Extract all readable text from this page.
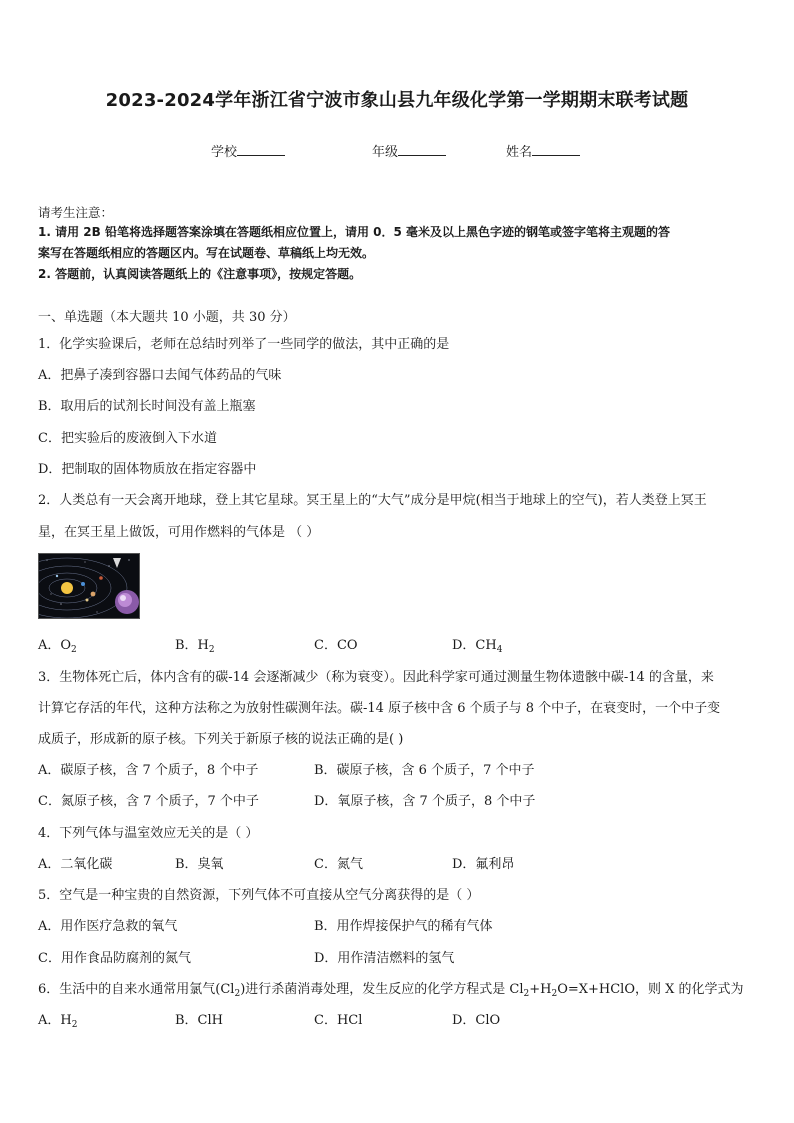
2023-2024学年浙江省宁波市象山县九年级化学第一学期期末联考试题
学校	年级	姓名
请考生注意：
1. 请用 2B 铅笔将选择题答案涂填在答题纸相应位置上，请用 0．5 毫米及以上黑色字迹的钢笔或签字笔将主观题的答
案写在答题纸相应的答题区内。写在试题卷、草稿纸上均无效。
2. 答题前，认真阅读答题纸上的《注意事项》，按规定答题。
一、单选题（本大题共 10 小题，共 30 分）
1．化学实验课后，老师在总结时列举了一些同学的做法，其中正确的是
A．把鼻子凑到容器口去闻气体药品的气味
B．取用后的试剂长时间没有盖上瓶塞
C．把实验后的废液倒入下水道
D．把制取的固体物质放在指定容器中
2．人类总有一天会离开地球，登上其它星球。冥王星上的“大气”成分是甲烷(相当于地球上的空气)，若人类登上冥王
星，在冥王星上做饭，可用作燃料的气体是 （ ）
·
A．$O_2$	B．$H_2$	C．CO	D．$CH_4$
3．生物体死亡后，体内含有的碳-14 会逐渐减少（称为衰变）。因此科学家可通过测量生物体遗骸中碳-14 的含量，来
计算它存活的年代，这种方法称之为放射性碳测年法。碳-14 原子核中含 6 个质子与 8 个中子，在衰变时，一个中子变
成质子，形成新的原子核。下列关于新原子核的说法正确的是( )
A．碳原子核，含 7 个质子，8 个中子	B．碳原子核，含 6 个质子，7 个中子
C．氮原子核，含 7 个质子，7 个中子	D．氧原子核，含 7 个质子，8 个中子
4．下列气体与温室效应无关的是（ ）
A．二氧化碳	B．臭氧	C．氮气	D．氟利昂
5．空气是一种宝贵的自然资源，下列气体不可直接从空气分离获得的是（ ）
A．用作医疗急救的氧气	B．用作焊接保护气的稀有气体
C．用作食品防腐剂的氮气	D．用作清洁燃料的氢气
6．生活中的自来水通常用氯气$(Cl_2)$进行杀菌消毒处理，发生反应的化学方程式是 $Cl_2+H_2O=X+HClO$，则 X 的化学式为
A．$H_2$	B．ClH	C．HCl	D．ClO
